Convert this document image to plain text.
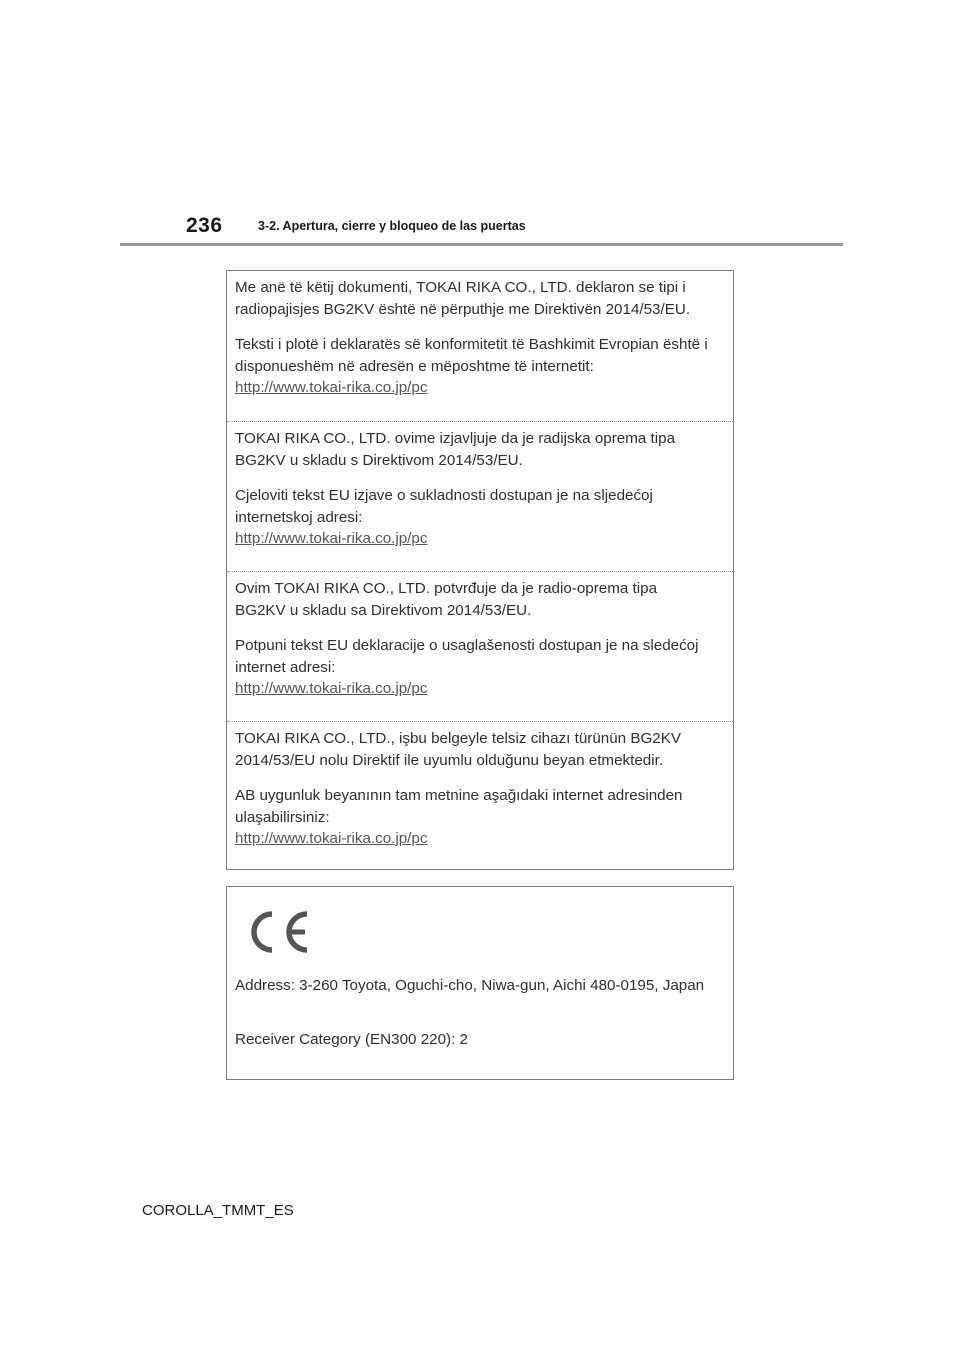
236	3-2. Apertura, cierre y bloqueo de las puertas
Me anë të këtij dokumenti, TOKAI RIKA CO., LTD. deklaron se tipi i
radiopajisjes BG2KV është në përputhje me Direktivën 2014/53/EU.
Teksti i plotë i deklaratës së konformitetit të Bashkimit Evropian është i
disponueshëm në adresën e mëposhtme të internetit:
http://www.tokai-rika.co.jp/pc
TOKAI RIKA CO., LTD. ovime izjavljuje da je radijska oprema tipa
BG2KV u skladu s Direktivom 2014/53/EU.
Cjeloviti tekst EU izjave o sukladnosti dostupan je na sljedećoj
internetskoj adresi:
http://www.tokai-rika.co.jp/pc
Ovim TOKAI RIKA CO., LTD. potvrđuje da je radio-oprema tipa
BG2KV u skladu sa Direktivom 2014/53/EU.
Potpuni tekst EU deklaracije o usaglašenosti dostupan je na sledećoj
internet adresi:
http://www.tokai-rika.co.jp/pc
TOKAI RIKA CO., LTD., işbu belgeyle telsiz cihazı türünün BG2KV
2014/53/EU nolu Direktif ile uyumlu olduğunu beyan etmektedir.
AB uygunluk beyanının tam metnine aşağıdaki internet adresinden
ulaşabilirsiniz:
http://www.tokai-rika.co.jp/pc
Address: 3-260 Toyota, Oguchi-cho, Niwa-gun, Aichi 480-0195, Japan
Receiver Category (EN300 220): 2
COROLLA_TMMT_ES
